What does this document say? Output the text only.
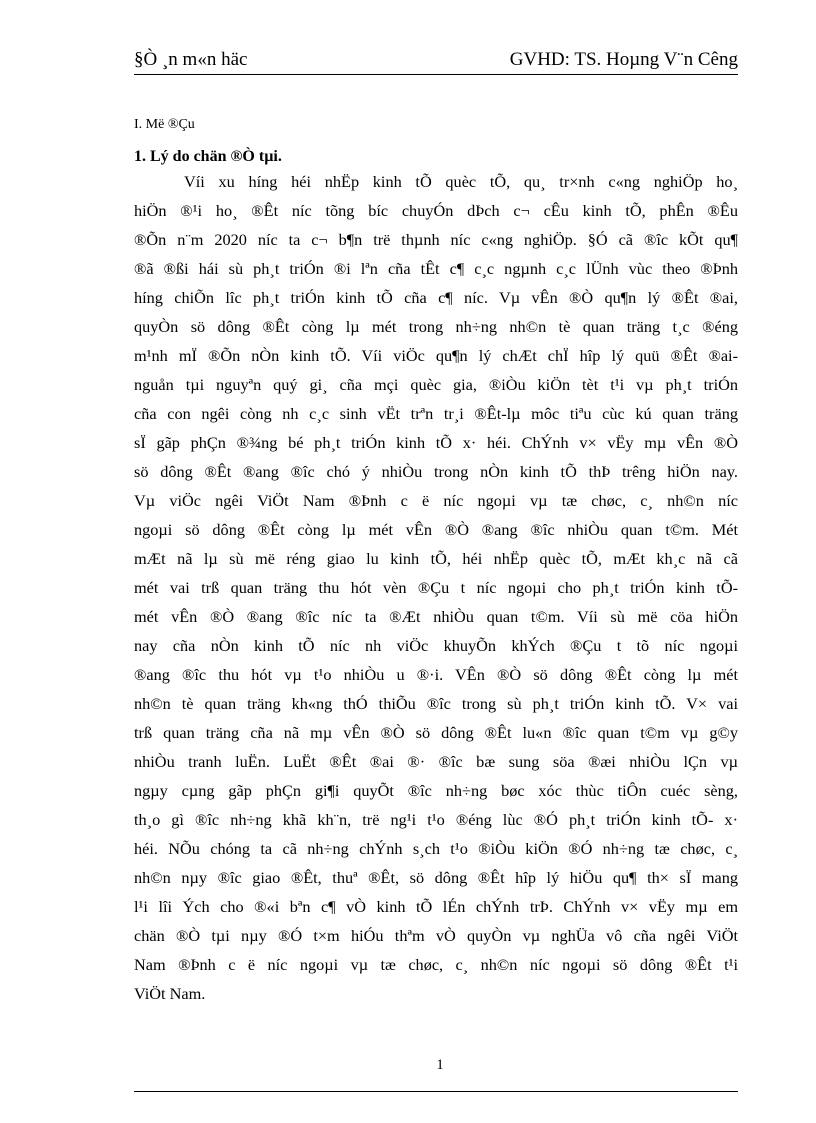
§Ò ¸n m«n häc	GVHD: TS. Hoµng V¨n Cêng
I. Më ®Çu
1. Lý do chän ®Ò tµi.
Víi xu híng héi nhËp kinh tÕ quèc tÕ, qu¸ tr×nh c«ng nghiÖp ho¸
hiÖn ®¹i ho¸ ®Êt níc tõng bíc chuyÓn dÞch c¬ cÊu kinh tÕ, phÊn ®Êu
®Õn n¨m 2020 níc ta c¬ b¶n trë thµnh níc c«ng nghiÖp. §Ó cã ®îc kÕt qu¶
®ã ®ßi hái sù ph¸t triÓn ®i lªn cña tÊt c¶ c¸c ngµnh c¸c lÜnh vùc theo ®Þnh
híng chiÕn lîc ph¸t triÓn kinh tÕ cña c¶ níc. Vµ vÊn ®Ò qu¶n lý ®Êt ®ai,
quyÒn sö dông ®Êt còng lµ mét trong nh÷ng nh©n tè quan träng t¸c ®éng
m¹nh mÏ ®Õn nÒn kinh tÕ. Víi viÖc qu¶n lý chÆt chÏ hîp lý quü ®Êt ®ai-
nguån tµi nguyªn quý gi¸ cña mçi quèc gia, ®iÒu kiÖn tèt t¹i vµ ph¸t triÓn
cña con ngêi còng nh c¸c sinh vËt trªn tr¸i ®Êt-lµ môc tiªu cùc kú quan träng
sÏ gãp phÇn ®¾ng bé ph¸t triÓn kinh tÕ x· héi. ChÝnh v× vËy mµ vÊn ®Ò
sö dông ®Êt ®ang ®îc chó ý nhiÒu trong nÒn kinh tÕ thÞ trêng hiÖn nay.
Vµ viÖc ngêi ViÖt Nam ®Þnh c ë níc ngoµi vµ tæ chøc, c¸ nh©n níc
ngoµi sö dông ®Êt còng lµ mét vÊn ®Ò ®ang ®îc nhiÒu quan t©m. Mét
mÆt nã lµ sù më réng giao lu kinh tÕ, héi nhËp quèc tÕ, mÆt kh¸c nã cã
mét vai trß quan träng thu hót vèn ®Çu t níc ngoµi cho ph¸t triÓn kinh tÕ-
mét vÊn ®Ò ®ang ®îc níc ta ®Æt nhiÒu quan t©m. Víi sù më cöa hiÖn
nay cña nÒn kinh tÕ níc nh viÖc khuyÕn khÝch ®Çu t tõ níc ngoµi
®ang ®îc thu hót vµ t¹o nhiÒu u ®·i. VÊn ®Ò sö dông ®Êt còng lµ mét
nh©n tè quan träng kh«ng thÓ thiÕu ®îc trong sù ph¸t triÓn kinh tÕ. V× vai
trß quan träng cña nã mµ vÊn ®Ò sö dông ®Êt lu«n ®îc quan t©m vµ g©y
nhiÒu tranh luËn. LuËt ®Êt ®ai ®· ®îc bæ sung söa ®æi nhiÒu lÇn vµ
ngµy cµng gãp phÇn gi¶i quyÕt ®îc nh÷ng bøc xóc thùc tiÔn cuéc sèng,
th¸o gì ®îc nh÷ng khã kh¨n, trë ng¹i t¹o ®éng lùc ®Ó ph¸t triÓn kinh tÕ- x·
héi. NÕu chóng ta cã nh÷ng chÝnh s¸ch t¹o ®iÒu kiÖn ®Ó nh÷ng tæ chøc, c¸
nh©n nµy ®îc giao ®Êt, thuª ®Êt, sö dông ®Êt hîp lý hiÖu qu¶ th× sÏ mang
l¹i lîi Ých cho ®«i bªn c¶ vÒ kinh tÕ lÉn chÝnh trÞ. ChÝnh v× vËy mµ em
chän ®Ò tµi nµy ®Ó t×m hiÓu thªm vÒ quyÒn vµ nghÜa vô cña ngêi ViÖt
Nam ®Þnh c ë níc ngoµi vµ tæ chøc, c¸ nh©n níc ngoµi sö dông ®Êt t¹i
ViÖt Nam.
1
